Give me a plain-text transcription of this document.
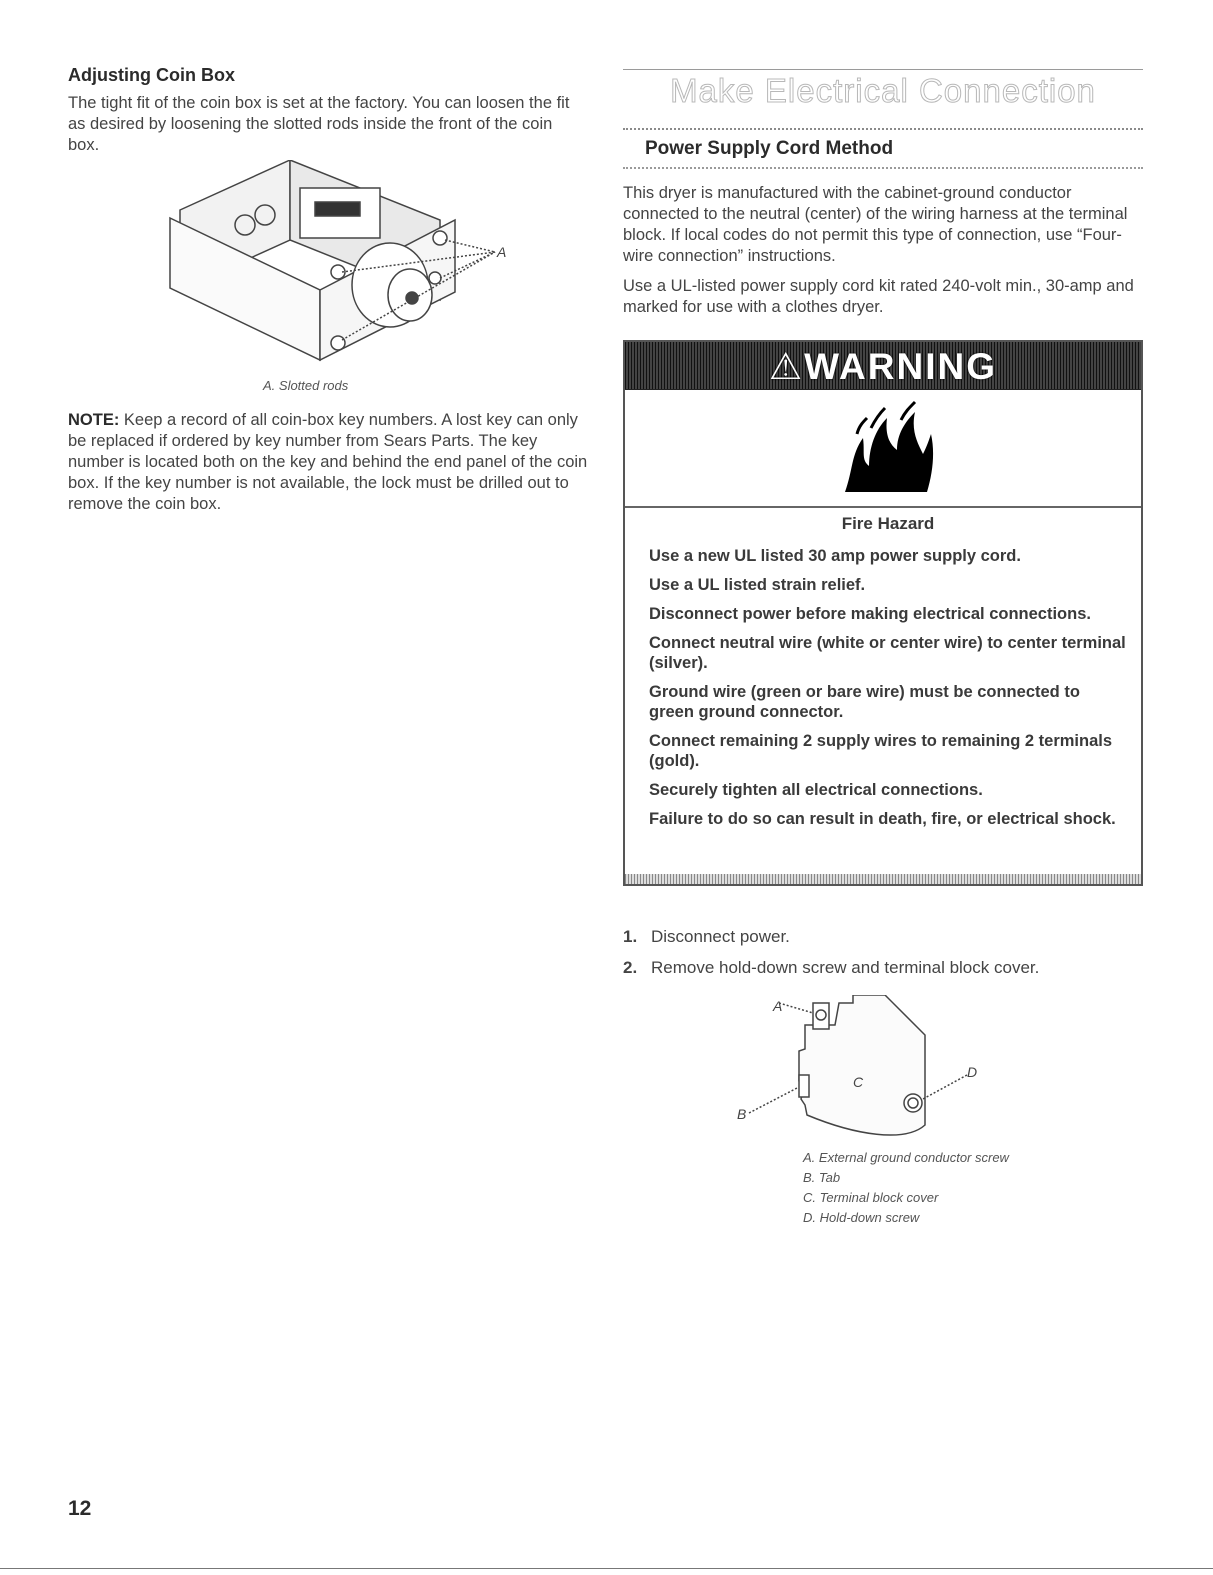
Adjusting Coin Box
The tight fit of the coin box is set at the factory. You can loosen the fit as desired by loosening the slotted rods inside the front of the coin box.
A
A. Slotted rods
NOTE: Keep a record of all coin-box key numbers. A lost key can only be replaced if ordered by key number from Sears Parts. The key number is located both on the key and behind the end panel of the coin box. If the key number is not available, the lock must be drilled out to remove the coin box.
Make Electrical Connection
Power Supply Cord Method
This dryer is manufactured with the cabinet-ground conductor connected to the neutral (center) of the wiring harness at the terminal block. If local codes do not permit this type of connection, use “Four-wire connection” instructions.
Use a UL-listed power supply cord kit rated 240-volt min., 30-amp and marked for use with a clothes dryer.
⚠WARNING
Fire Hazard
Use a new UL listed 30 amp power supply cord.
Use a UL listed strain relief.
Disconnect power before making electrical connections.
Connect neutral wire (white or center wire) to center terminal (silver).
Ground wire (green or bare wire) must be connected to green ground connector.
Connect remaining 2 supply wires to remaining 2 terminals (gold).
Securely tighten all electrical connections.
Failure to do so can result in death, fire, or electrical shock.
1. Disconnect power.
2. Remove hold-down screw and terminal block cover.
A
B
C
D
A. External ground conductor screw
B. Tab
C. Terminal block cover
D. Hold-down screw
12
